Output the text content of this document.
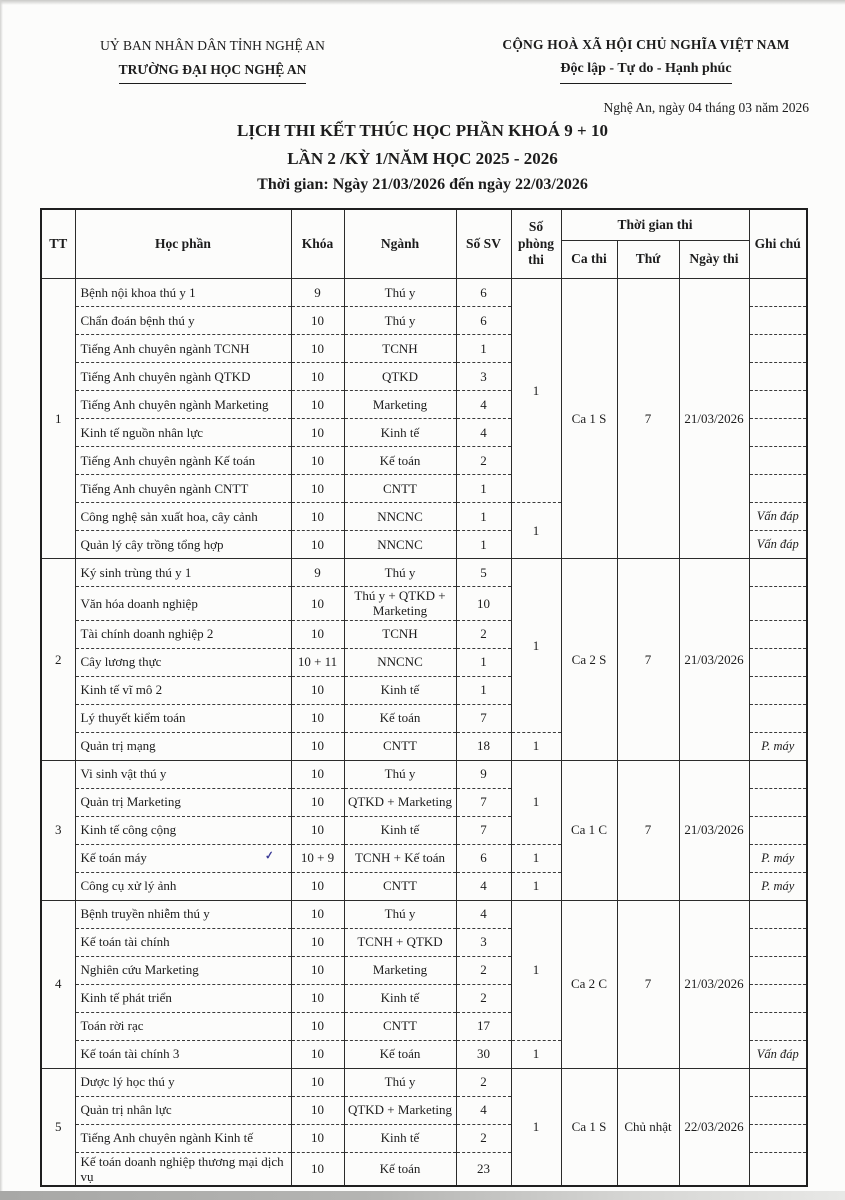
UỶ BAN NHÂN DÂN TỈNH NGHỆ AN
TRƯỜNG ĐẠI HỌC NGHỆ AN
CỘNG HOÀ XÃ HỘI CHỦ NGHĨA VIỆT NAM
Độc lập - Tự do - Hạnh phúc
Nghệ An, ngày 04 tháng 03 năm 2026
LỊCH THI KẾT THÚC HỌC PHẦN KHOÁ 9 + 10
LẦN 2 /KỲ 1/NĂM HỌC 2025 - 2026
Thời gian: Ngày 21/03/2026 đến ngày 22/03/2026
TT	Học phần	Khóa	Ngành	Số SV	Số phòng thi	Thời gian thi			Ghi chú
						Ca thi	Thứ	Ngày thi	
1	Bệnh nội khoa thú y 1	9	Thú y	6	1	Ca 1 S	7	21/03/2026	
	Chẩn đoán bệnh thú y	10	Thú y	6					
	Tiếng Anh chuyên ngành TCNH	10	TCNH	1					
	Tiếng Anh chuyên ngành QTKD	10	QTKD	3					
	Tiếng Anh chuyên ngành Marketing	10	Marketing	4					
	Kinh tế nguồn nhân lực	10	Kinh tế	4					
	Tiếng Anh chuyên ngành Kế toán	10	Kế toán	2					
	Tiếng Anh chuyên ngành CNTT	10	CNTT	1					
	Công nghệ sản xuất hoa, cây cảnh	10	NNCNC	1	1				Vấn đáp
	Quản lý cây trồng tổng hợp	10	NNCNC	1					Vấn đáp
2	Ký sinh trùng thú y 1	9	Thú y	5	1	Ca 2 S	7	21/03/2026	
	Văn hóa doanh nghiệp	10	Thú y + QTKD + Marketing	10					
	Tài chính doanh nghiệp 2	10	TCNH	2					
	Cây lương thực	10 + 11	NNCNC	1					
	Kinh tế vĩ mô 2	10	Kinh tế	1					
	Lý thuyết kiểm toán	10	Kế toán	7					
	Quản trị mạng	10	CNTT	18	1				P. máy
3	Vi sinh vật thú y	10	Thú y	9	1	Ca 1 C	7	21/03/2026	
	Quản trị Marketing	10	QTKD + Marketing	7					
	Kinh tế công cộng	10	Kinh tế	7					
	Kế toán máy ✓	10 + 9	TCNH + Kế toán	6	1				P. máy
	Công cụ xử lý ảnh	10	CNTT	4	1				P. máy
4	Bệnh truyền nhiễm thú y	10	Thú y	4	1	Ca 2 C	7	21/03/2026	
	Kế toán tài chính	10	TCNH + QTKD	3					
	Nghiên cứu Marketing	10	Marketing	2					
	Kinh tế phát triển	10	Kinh tế	2					
	Toán rời rạc	10	CNTT	17					
	Kế toán tài chính 3	10	Kế toán	30	1				Vấn đáp
5	Dược lý học thú y	10	Thú y	2	1	Ca 1 S	Chủ nhật	22/03/2026	
	Quản trị nhân lực	10	QTKD + Marketing	4					
	Tiếng Anh chuyên ngành Kinh tế	10	Kinh tế	2					
	Kế toán doanh nghiệp thương mại dịch vụ	10	Kế toán	23					
